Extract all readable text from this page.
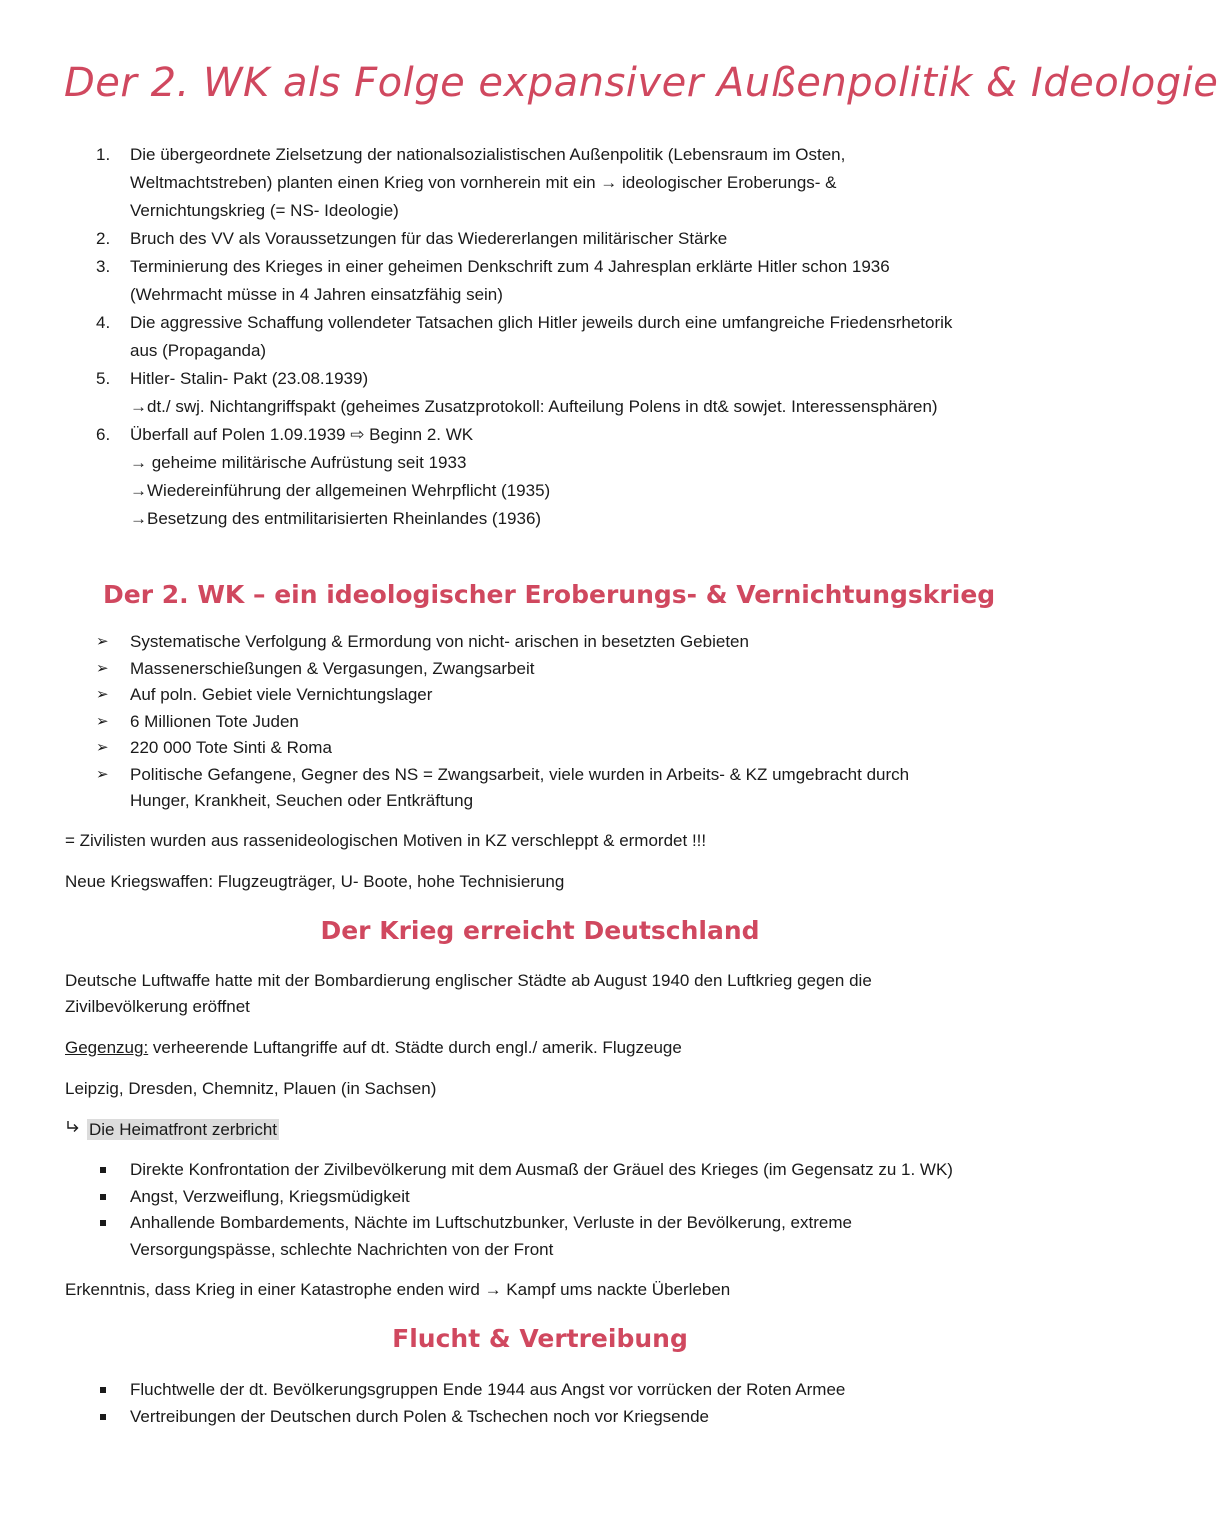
Der 2. WK als Folge expansiver Außenpolitik & Ideologie
1.	Die übergeordnete Zielsetzung der nationalsozialistischen Außenpolitik (Lebensraum im Osten,
Weltmachtstreben) planten einen Krieg von vornherein mit ein → ideologischer Eroberungs- &
Vernichtungskrieg (= NS- Ideologie)
2.	Bruch des VV als Voraussetzungen für das Wiedererlangen militärischer Stärke
3.	Terminierung des Krieges in einer geheimen Denkschrift zum 4 Jahresplan erklärte Hitler schon 1936
(Wehrmacht müsse in 4 Jahren einsatzfähig sein)
4.	Die aggressive Schaffung vollendeter Tatsachen glich Hitler jeweils durch eine umfangreiche Friedensrhetorik
aus (Propaganda)
5.	Hitler- Stalin- Pakt (23.08.1939)
→dt./ swj. Nichtangriffspakt (geheimes Zusatzprotokoll: Aufteilung Polens in dt& sowjet. Interessensphären)
6.	Überfall auf Polen 1.09.1939 ⇨ Beginn 2. WK
→ geheime militärische Aufrüstung seit 1933
→Wiedereinführung der allgemeinen Wehrpflicht (1935)
→Besetzung des entmilitarisierten Rheinlandes (1936)
Der 2. WK – ein ideologischer Eroberungs- & Vernichtungskrieg
➢ Systematische Verfolgung & Ermordung von nicht- arischen in besetzten Gebieten
➢ Massenerschießungen & Vergasungen, Zwangsarbeit
➢ Auf poln. Gebiet viele Vernichtungslager
➢ 6 Millionen Tote Juden
➢ 220 000 Tote Sinti & Roma
➢ Politische Gefangene, Gegner des NS = Zwangsarbeit, viele wurden in Arbeits- & KZ umgebracht durch
Hunger, Krankheit, Seuchen oder Entkräftung

= Zivilisten wurden aus rassenideologischen Motiven in KZ verschleppt & ermordet !!!

Neue Kriegswaffen: Flugzeugträger, U- Boote, hohe Technisierung

Der Krieg erreicht Deutschland

Deutsche Luftwaffe hatte mit der Bombardierung englischer Städte ab August 1940 den Luftkrieg gegen die
Zivilbevölkerung eröffnet

Gegenzug: verheerende Luftangriffe auf dt. Städte durch engl./ amerik. Flugzeuge

Leipzig, Dresden, Chemnitz, Plauen (in Sachsen)

Die Heimatfront zerbricht

Direkte Konfrontation der Zivilbevölkerung mit dem Ausmaß der Gräuel des Krieges (im Gegensatz zu 1. WK)
Angst, Verzweiflung, Kriegsmüdigkeit
Anhallende Bombardements, Nächte im Luftschutzbunker, Verluste in der Bevölkerung, extreme
Versorgungspässe, schlechte Nachrichten von der Front

Erkenntnis, dass Krieg in einer Katastrophe enden wird → Kampf ums nackte Überleben

Flucht & Vertreibung
Fluchtwelle der dt. Bevölkerungsgruppen Ende 1944 aus Angst vor vorrücken der Roten Armee
Vertreibungen der Deutschen durch Polen & Tschechen noch vor Kriegsende
